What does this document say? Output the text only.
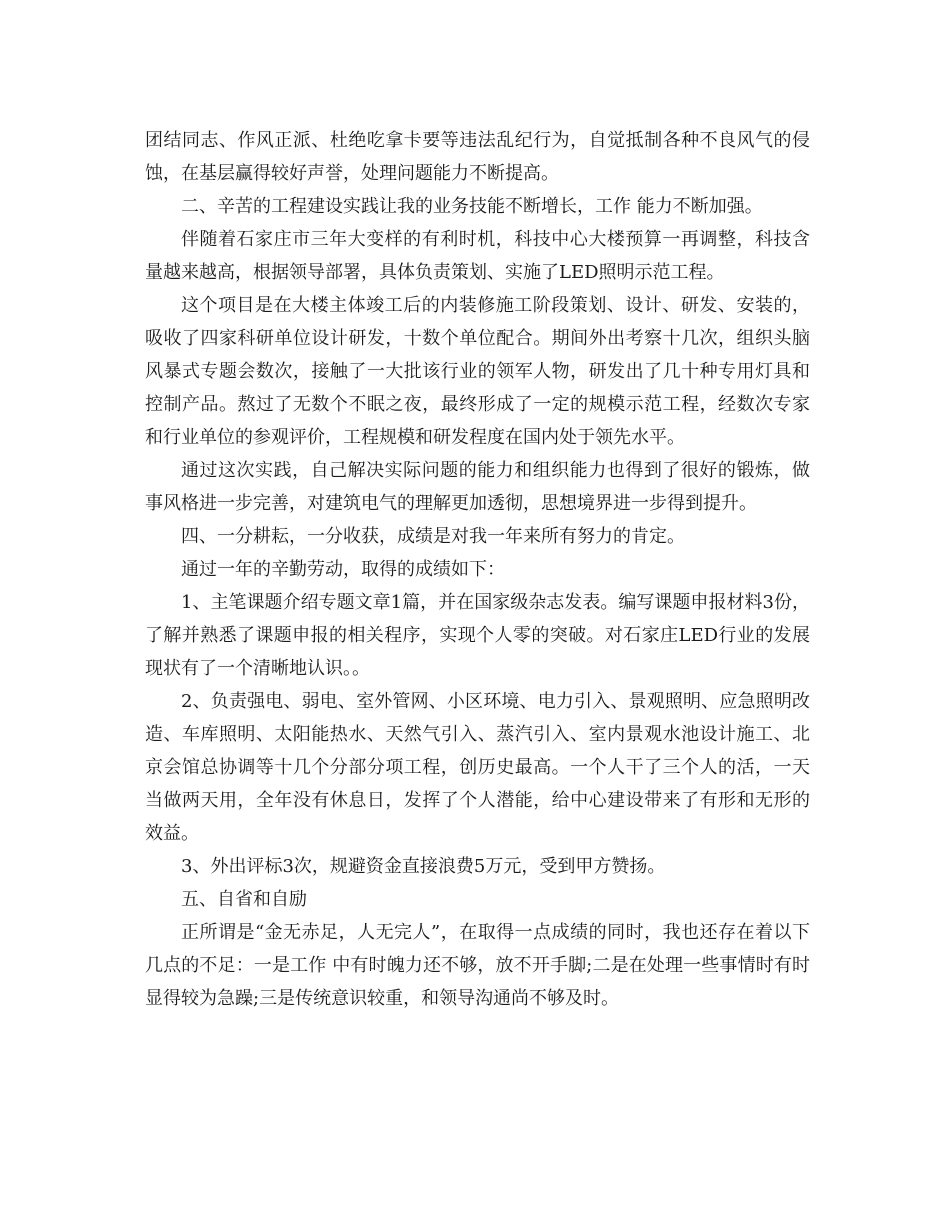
团结同志、作风正派、杜绝吃拿卡要等违法乱纪行为，自觉抵制各种不良风气的侵蚀，在基层赢得较好声誉，处理问题能力不断提高。

二、辛苦的工程建设实践让我的业务技能不断增长，工作 能力不断加强。

伴随着石家庄市三年大变样的有利时机，科技中心大楼预算一再调整，科技含量越来越高，根据领导部署，具体负责策划、实施了LED照明示范工程。

这个项目是在大楼主体竣工后的内装修施工阶段策划、设计、研发、安装的，吸收了四家科研单位设计研发，十数个单位配合。期间外出考察十几次，组织头脑风暴式专题会数次，接触了一大批该行业的领军人物，研发出了几十种专用灯具和控制产品。熬过了无数个不眠之夜，最终形成了一定的规模示范工程，经数次专家和行业单位的参观评价，工程规模和研发程度在国内处于领先水平。

通过这次实践，自己解决实际问题的能力和组织能力也得到了很好的锻炼，做事风格进一步完善，对建筑电气的理解更加透彻，思想境界进一步得到提升。

四、一分耕耘，一分收获，成绩是对我一年来所有努力的肯定。

通过一年的辛勤劳动，取得的成绩如下：

1、主笔课题介绍专题文章1篇，并在国家级杂志发表。编写课题申报材料3份，了解并熟悉了课题申报的相关程序，实现个人零的突破。对石家庄LED行业的发展现状有了一个清晰地认识。。

2、负责强电、弱电、室外管网、小区环境、电力引入、景观照明、应急照明改造、车库照明、太阳能热水、天然气引入、蒸汽引入、室内景观水池设计施工、北京会馆总协调等十几个分部分项工程，创历史最高。一个人干了三个人的活，一天当做两天用，全年没有休息日，发挥了个人潜能，给中心建设带来了有形和无形的效益。

3、外出评标3次，规避资金直接浪费5万元，受到甲方赞扬。

五、自省和自励

正所谓是“金无赤足，人无完人”，在取得一点成绩的同时，我也还存在着以下几点的不足：一是工作 中有时魄力还不够，放不开手脚;二是在处理一些事情时有时显得较为急躁;三是传统意识较重，和领导沟通尚不够及时。
